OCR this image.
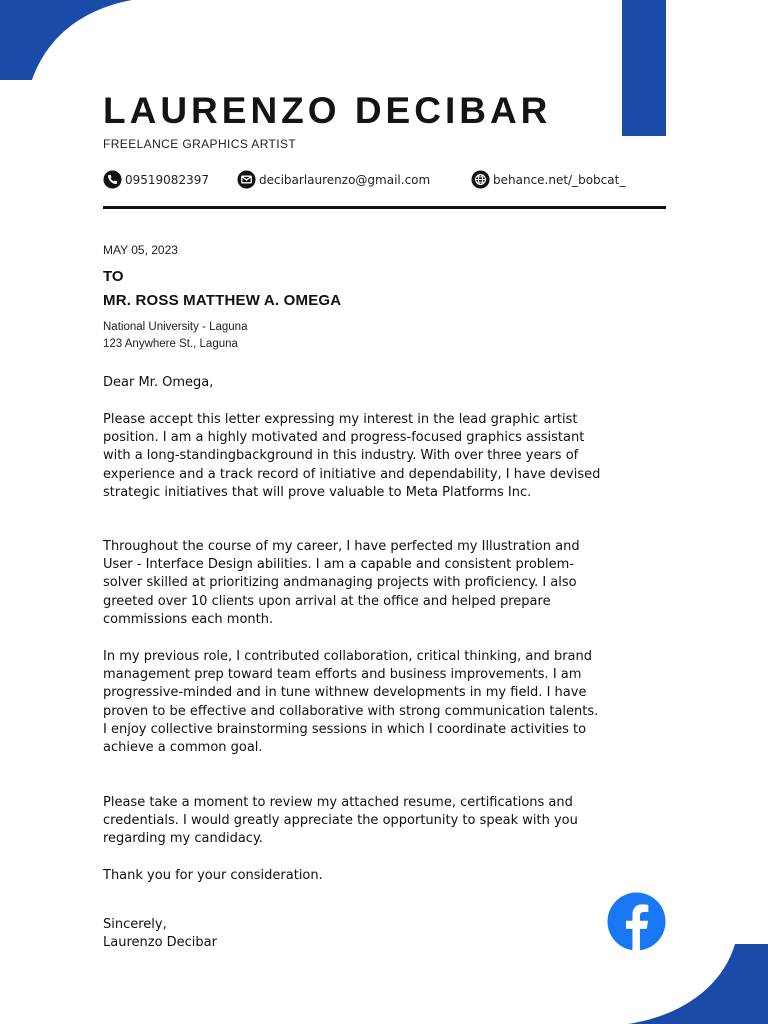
LAURENZO DECIBAR
FREELANCE GRAPHICS ARTIST
09519082397	decibarlaurenzo@gmail.com	behance.net/_bobcat_
MAY 05, 2023
TO
MR. ROSS MATTHEW A. OMEGA
National University - Laguna
123 Anywhere St., Laguna
Dear Mr. Omega,
Please accept this letter expressing my interest in the lead graphic artist position. I am a highly motivated and progress-focused graphics assistant with a long-standingbackground in this industry. With over three years of experience and a track record of initiative and dependability, I have devised strategic initiatives that will prove valuable to Meta Platforms Inc.
Throughout the course of my career, I have perfected my Illustration and User - Interface Design abilities. I am a capable and consistent problem-solver skilled at prioritizing andmanaging projects with proficiency. I also greeted over 10 clients upon arrival at the office and helped prepare commissions each month.

In my previous role, I contributed collaboration, critical thinking, and brand management prep toward team efforts and business improvements. I am progressive-minded and in tune withnew developments in my field. I have proven to be effective and collaborative with strong communication talents.

I enjoy collective brainstorming sessions in which I coordinate activities to achieve a common goal.

Please take a moment to review my attached resume, certifications and credentials. I would greatly appreciate the opportunity to speak with you regarding my candidacy.
Thank you for your consideration.
Sincerely,
Laurenzo Decibar
